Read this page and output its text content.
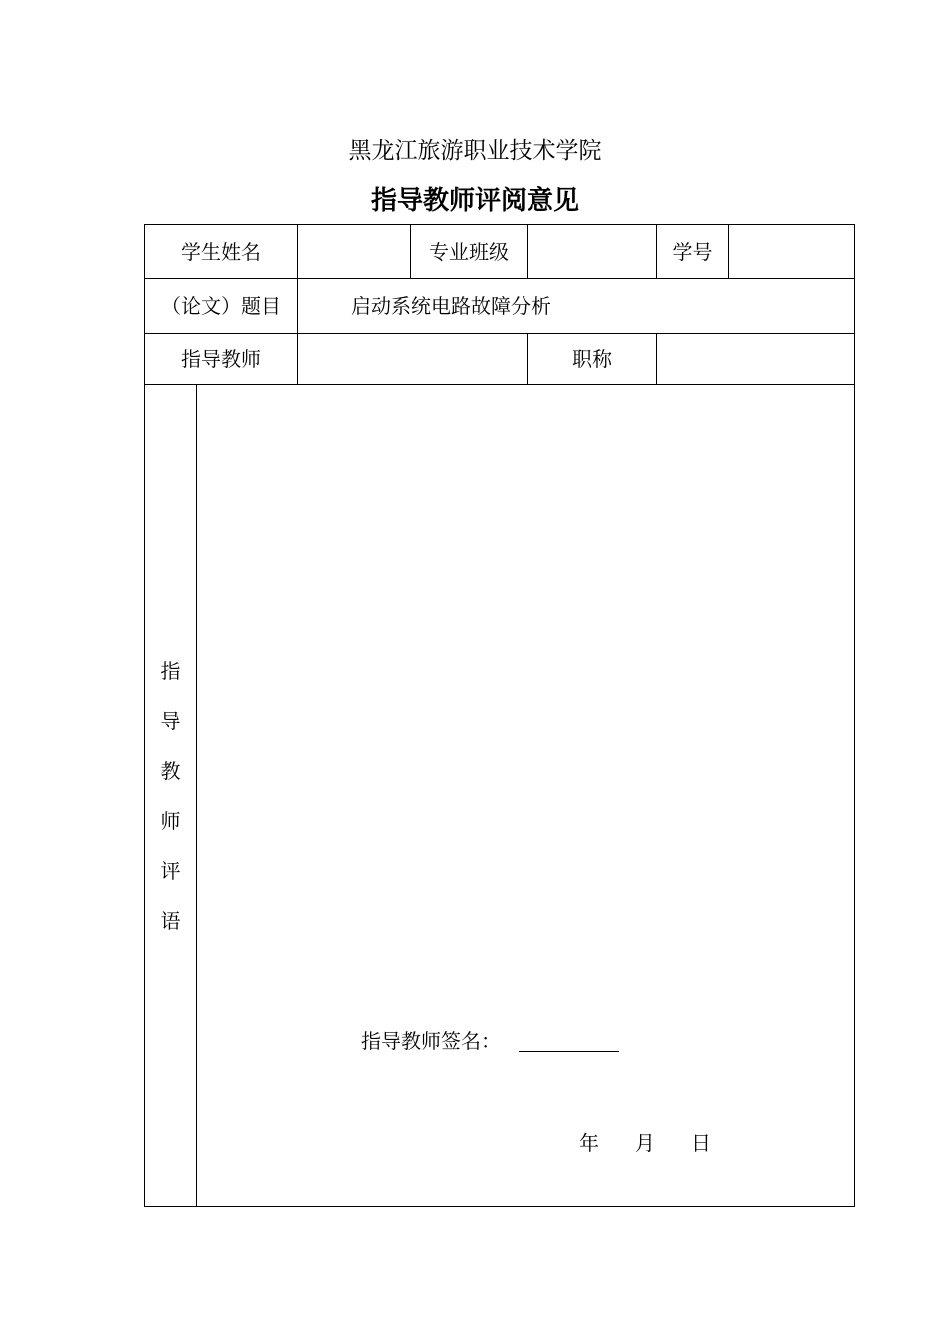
黑龙江旅游职业技术学院
指导教师评阅意见
学生姓名	专业班级	学号
（论文）题目	启动系统电路故障分析
指导教师	职称
指
导
教
师
评
语
指导教师签名：
年 月 日
